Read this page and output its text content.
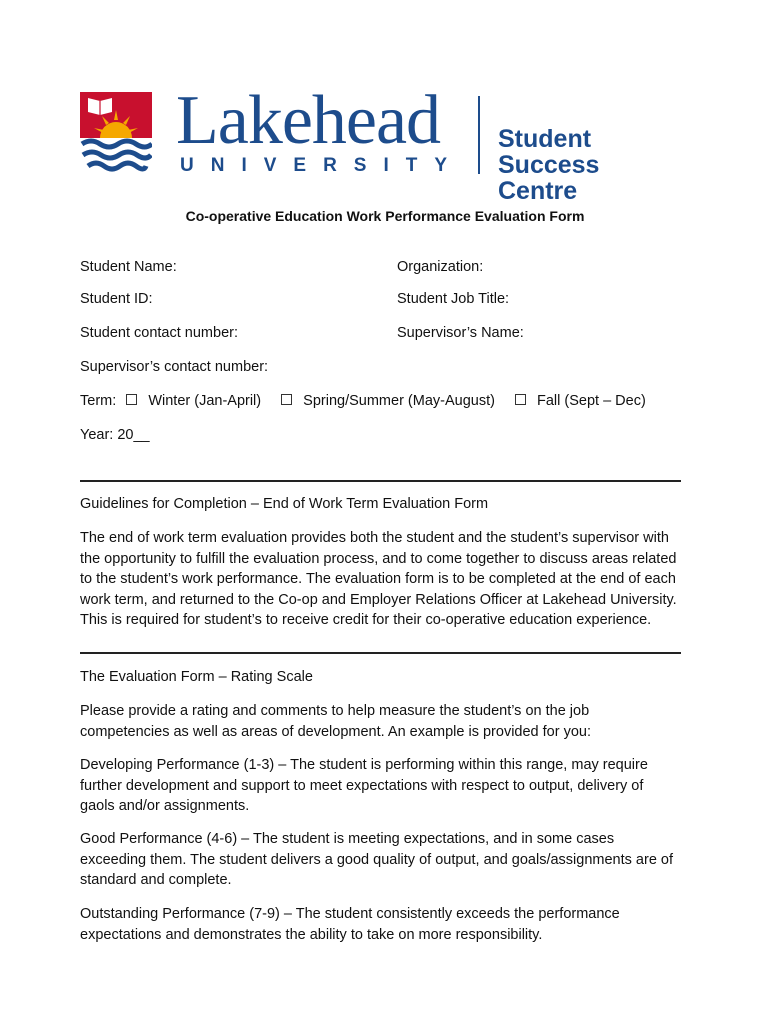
Lakehead
UNIVERSITY
Student Success
Centre
Co-operative Education Work Performance Evaluation Form
Student Name:	Organization:
Student ID:	Student Job Title:
Student contact number:	Supervisor’s Name:
Supervisor’s contact number:
Term: Winter (Jan-April)	Spring/Summer (May-August)	Fall (Sept – Dec)
Year: 20__
Guidelines for Completion – End of Work Term Evaluation Form
The end of work term evaluation provides both the student and the student’s supervisor with the opportunity to fulfill the evaluation process, and to come together to discuss areas related to the student’s work performance. The evaluation form is to be completed at the end of each work term, and returned to the Co-op and Employer Relations Officer at Lakehead University. This is required for student’s to receive credit for their co-operative education experience.
The Evaluation Form – Rating Scale
Please provide a rating and comments to help measure the student’s on the job competencies as well as areas of development. An example is provided for you:
Developing Performance (1-3) – The student is performing within this range, may require further development and support to meet expectations with respect to output, delivery of gaols and/or assignments.
Good Performance (4-6) – The student is meeting expectations, and in some cases exceeding them. The student delivers a good quality of output, and goals/assignments are of standard and complete.
Outstanding Performance (7-9) – The student consistently exceeds the performance expectations and demonstrates the ability to take on more responsibility.
